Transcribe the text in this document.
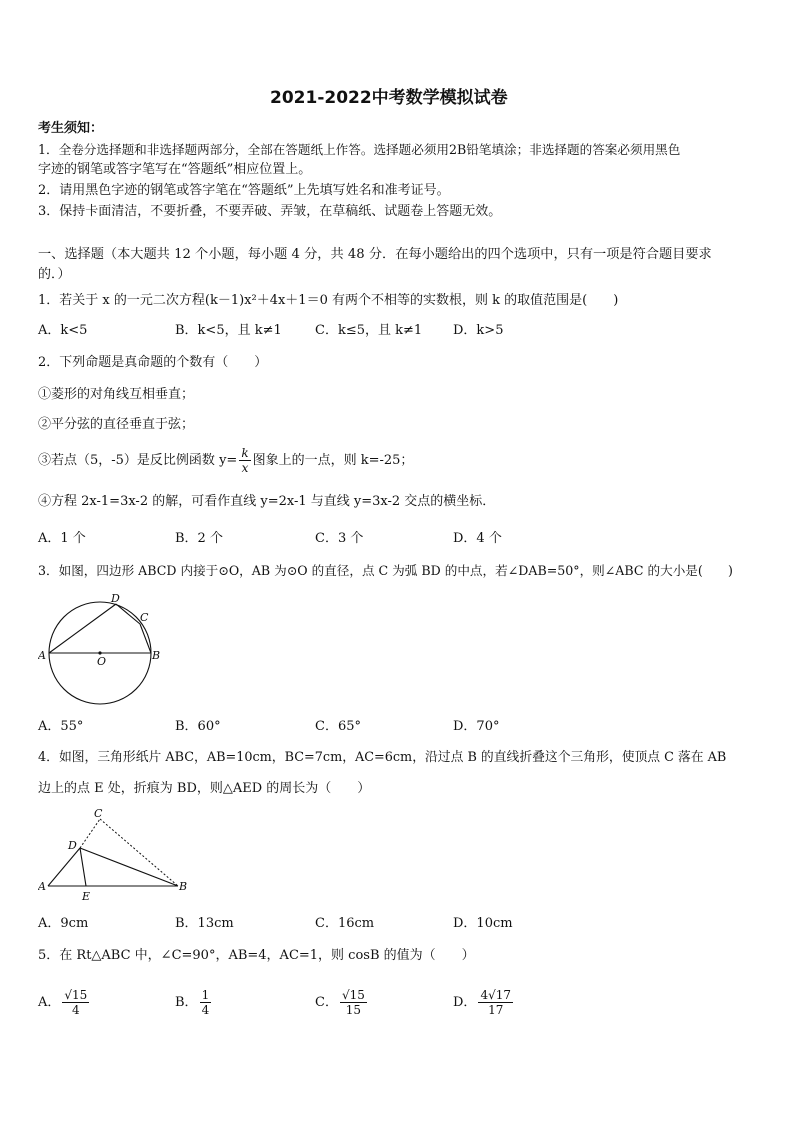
2021-2022中考数学模拟试卷
考生须知：
1．全卷分选择题和非选择题两部分，全部在答题纸上作答。选择题必须用2B铅笔填涂；非选择题的答案必须用黑色
字迹的钢笔或答字笔写在“答题纸”相应位置上。
2．请用黑色字迹的钢笔或答字笔在“答题纸”上先填写姓名和准考证号。
3．保持卡面清洁，不要折叠，不要弄破、弄皱，在草稿纸、试题卷上答题无效。
一、选择题（本大题共 12 个小题，每小题 4 分，共 48 分．在每小题给出的四个选项中，只有一项是符合题目要求
的．）
1．若关于 x 的一元二次方程(k－1)x²＋4x＋1＝0 有两个不相等的实数根，则 k 的取值范围是(　　)
A．k<5	B．k<5，且 k≠1	C．k≤5，且 k≠1 D．k>5
2．下列命题是真命题的个数有（　　）
①菱形的对角线互相垂直；
②平分弦的直径垂直于弦；
③若点（5，-5）是反比例函数 $y= \frac{k}{x}$ 图象上的一点，则 k=-25；
④方程 2x-1=3x-2 的解，可看作直线 y=2x-1 与直线 y=3x-2 交点的横坐标．
A．1 个	B．2 个	C．3 个	D．4 个
3．如图，四边形 ABCD 内接于⊙O，AB 为⊙O 的直径，点 C 为弧 BD 的中点，若∠DAB=50°，则∠ABC 的大小是(　　)
A	B
C
D
O
A．55°	B．60°	C．65°	D．70°
4．如图，三角形纸片 ABC，AB=10cm，BC=7cm，AC=6cm，沿过点 B 的直线折叠这个三角形，使顶点 C 落在 AB
边上的点 E 处，折痕为 BD，则△AED 的周长为（　　）
A	B
C
D
E
A．9cm	B．13cm	C．16cm	D．10cm
5．在 Rt△ABC 中，∠C=90°，AB=4，AC=1，则 cosB 的值为（　　）
A． $\frac{√15}{4}$	B． $\frac{1}{4}$	C． $\frac{√15}{15}$	D． $\frac{4√17}{17}$
